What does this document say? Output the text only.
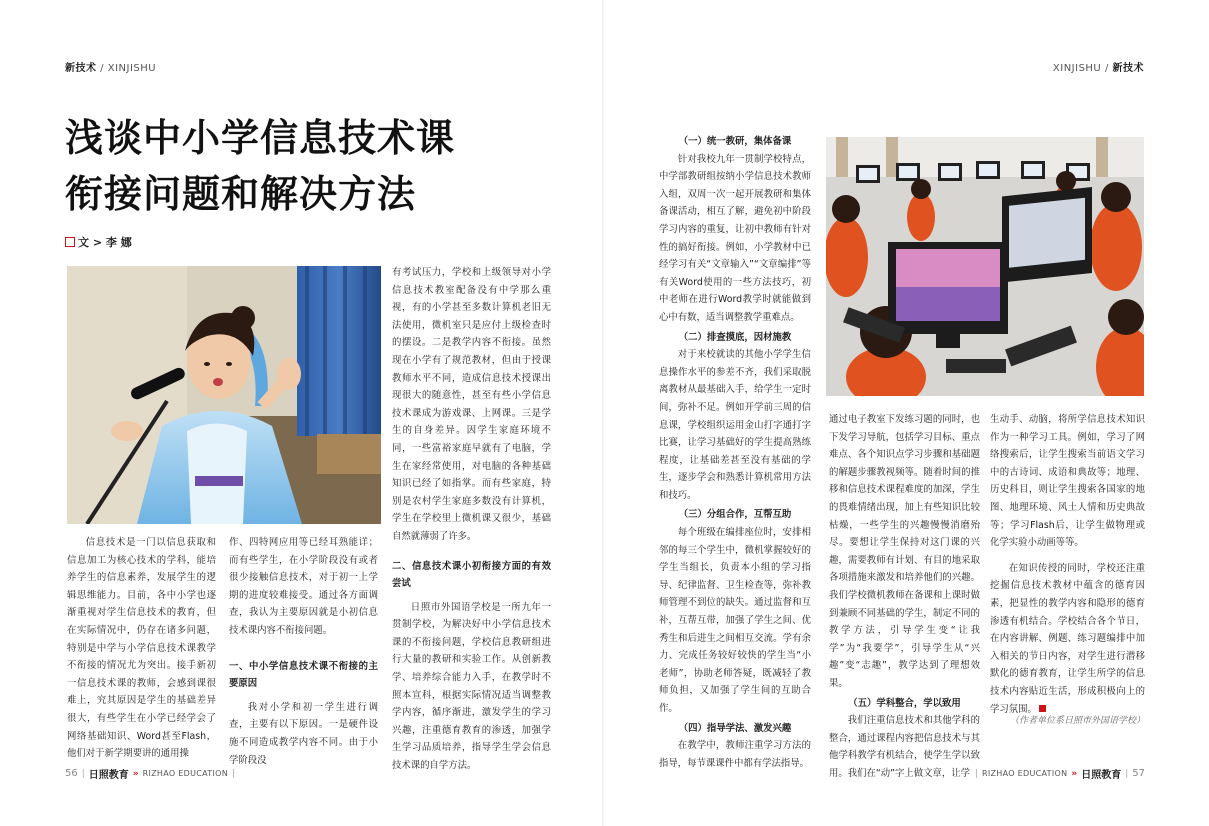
新技术 / XINJISHU
浅谈中小学信息技术课
衔接问题和解决方法
文 > 李 娜

信息技术是一门以信息获取和信息加工为核心技术的学科，能培养学生的信息素养，发展学生的逻辑思维能力。目前，各中小学也逐渐重视对学生信息技术的教育，但在实际情况中，仍存在诸多问题，特别是中学与小学信息技术课教学不衔接的情况尤为突出。接手新初一信息技术课的教师，会感到课很难上，究其原因是学生的基础差异很大，有些学生在小学已经学会了网络基础知识、Word甚至Flash，他们对于新学期要讲的通用操

作、四特网应用等已经耳熟能详；而有些学生，在小学阶段没有或者很少接触信息技术，对于初一上学期的进度较难接受。通过各方面调查，我认为主要原因就是小初信息技术课内容不衔接问题。

一、中小学信息技术课不衔接的主要原因

我对小学和初一学生进行调查，主要有以下原因。一是硬件设施不同造成教学内容不同。由于小学阶段没

有考试压力，学校和上级领导对小学信息技术教室配备没有中学那么重视，有的小学甚至多数计算机老旧无法使用，微机室只是应付上级检查时的摆设。二是教学内容不衔接。虽然现在小学有了规范教材，但由于授课教师水平不同，造成信息技术授课出现很大的随意性，甚至有些小学信息技术课成为游戏课、上网课。三是学生的自身差异。因学生家庭环境不同，一些富裕家庭早就有了电脑，学生在家经常使用，对电脑的各种基础知识已经了如指掌。而有些家庭，特别是农村学生家庭多数没有计算机，学生在学校里上微机课又很少，基础自然就薄弱了许多。

二、信息技术课小初衔接方面的有效尝试

日照市外国语学校是一所九年一贯制学校，为解决好中小学信息技术课的不衔接问题，学校信息教研组进行大量的教研和实验工作。从创新教学、培养综合能力入手，在教学时不照本宣科，根据实际情况适当调整教学内容，循序渐进，激发学生的学习兴趣，注重德育教育的渗透，加强学生学习品质培养，指导学生学会信息技术课的自学方法。

56 | 日照教育 » RIZHAO EDUCATION |
XINJISHU / 新技术

（一）统一教研，集体备课

针对我校九年一贯制学校特点，中学部教研组按纳小学信息技术教师入组，双周一次一起开展教研和集体备课活动，相互了解，避免初中阶段学习内容的重复，让初中教师有针对性的搞好衔接。例如，小学教材中已经学习有关“文章输入”“文章编排”等有关Word使用的一些方法技巧，初中老师在进行Word教学时就能做到心中有数，适当调整教学重难点。

（二）排查摸底，因材施教

对于来校就读的其他小学学生信息操作水平的参差不齐，我们采取脱离教材从最基础入手，给学生一定时间，弥补不足。例如开学前三周的信息课，学校组织运用金山打字通打字比赛，让学习基础好的学生提高熟练程度，让基础差甚至没有基础的学生，逐步学会和熟悉计算机常用方法和技巧。

（三）分组合作，互帮互助

每个班级在编排座位时，安排相邻的每三个学生中，微机掌握较好的学生当组长，负责本小组的学习指导、纪律监督、卫生检查等，弥补教师管理不到位的缺失。通过监督和互补，互帮互带，加强了学生之间、优秀生和后进生之间相互交流。学有余力、完成任务较好较快的学生当“小老师”，协助老师答疑，既减轻了教师负担，又加强了学生间的互助合作。

（四）指导学法、激发兴趣

在教学中，教师注重学习方法的指导，每节课课件中都有学法指导。

通过电子教室下发练习题的同时，也下发学习导航，包括学习目标、重点难点、各个知识点学习步骤和基础题的解题步骤教视频等。随着时间的推移和信息技术课程难度的加深，学生的畏难情绪出现，加上有些知识比较枯燥，一些学生的兴趣慢慢消磨殆尽。要想让学生保持对这门课的兴趣，需要教师有计划、有目的地采取各项措施来激发和培养他们的兴趣。我们学校微机教师在备课和上课时做到兼顾不同基础的学生，制定不同的教学方法，引导学生变“让我学”为“我要学”，引导学生从“兴趣”变“志趣”，教学达到了理想效果。

（五）学科整合，学以致用

我们注重信息技术和其他学科的整合，通过课程内容把信息技术与其他学科教学有机结合，使学生学以致用。我们在“动”字上做文章，让学

生动手、动脑，将所学信息技术知识作为一种学习工具。例如，学习了网络搜索后，让学生搜索当前语文学习中的古诗词、成语和典故等；地理、历史科目，则让学生搜索各国家的地图、地理环境、风土人情和历史典故等；学习Flash后，让学生做物理或化学实验小动画等等。

在知识传授的同时，学校还注重挖掘信息技术教材中蕴含的德育因素，把显性的教学内容和隐形的德育渗透有机结合。学校结合各个节日，在内容讲解、例题、练习题编排中加入相关的节日内容，对学生进行潜移默化的德育教育，让学生所学的信息技术内容贴近生活，形成积极向上的学习氛围。

（作者单位系日照市外国语学校）
| RIZHAO EDUCATION » 日照教育 | 57
